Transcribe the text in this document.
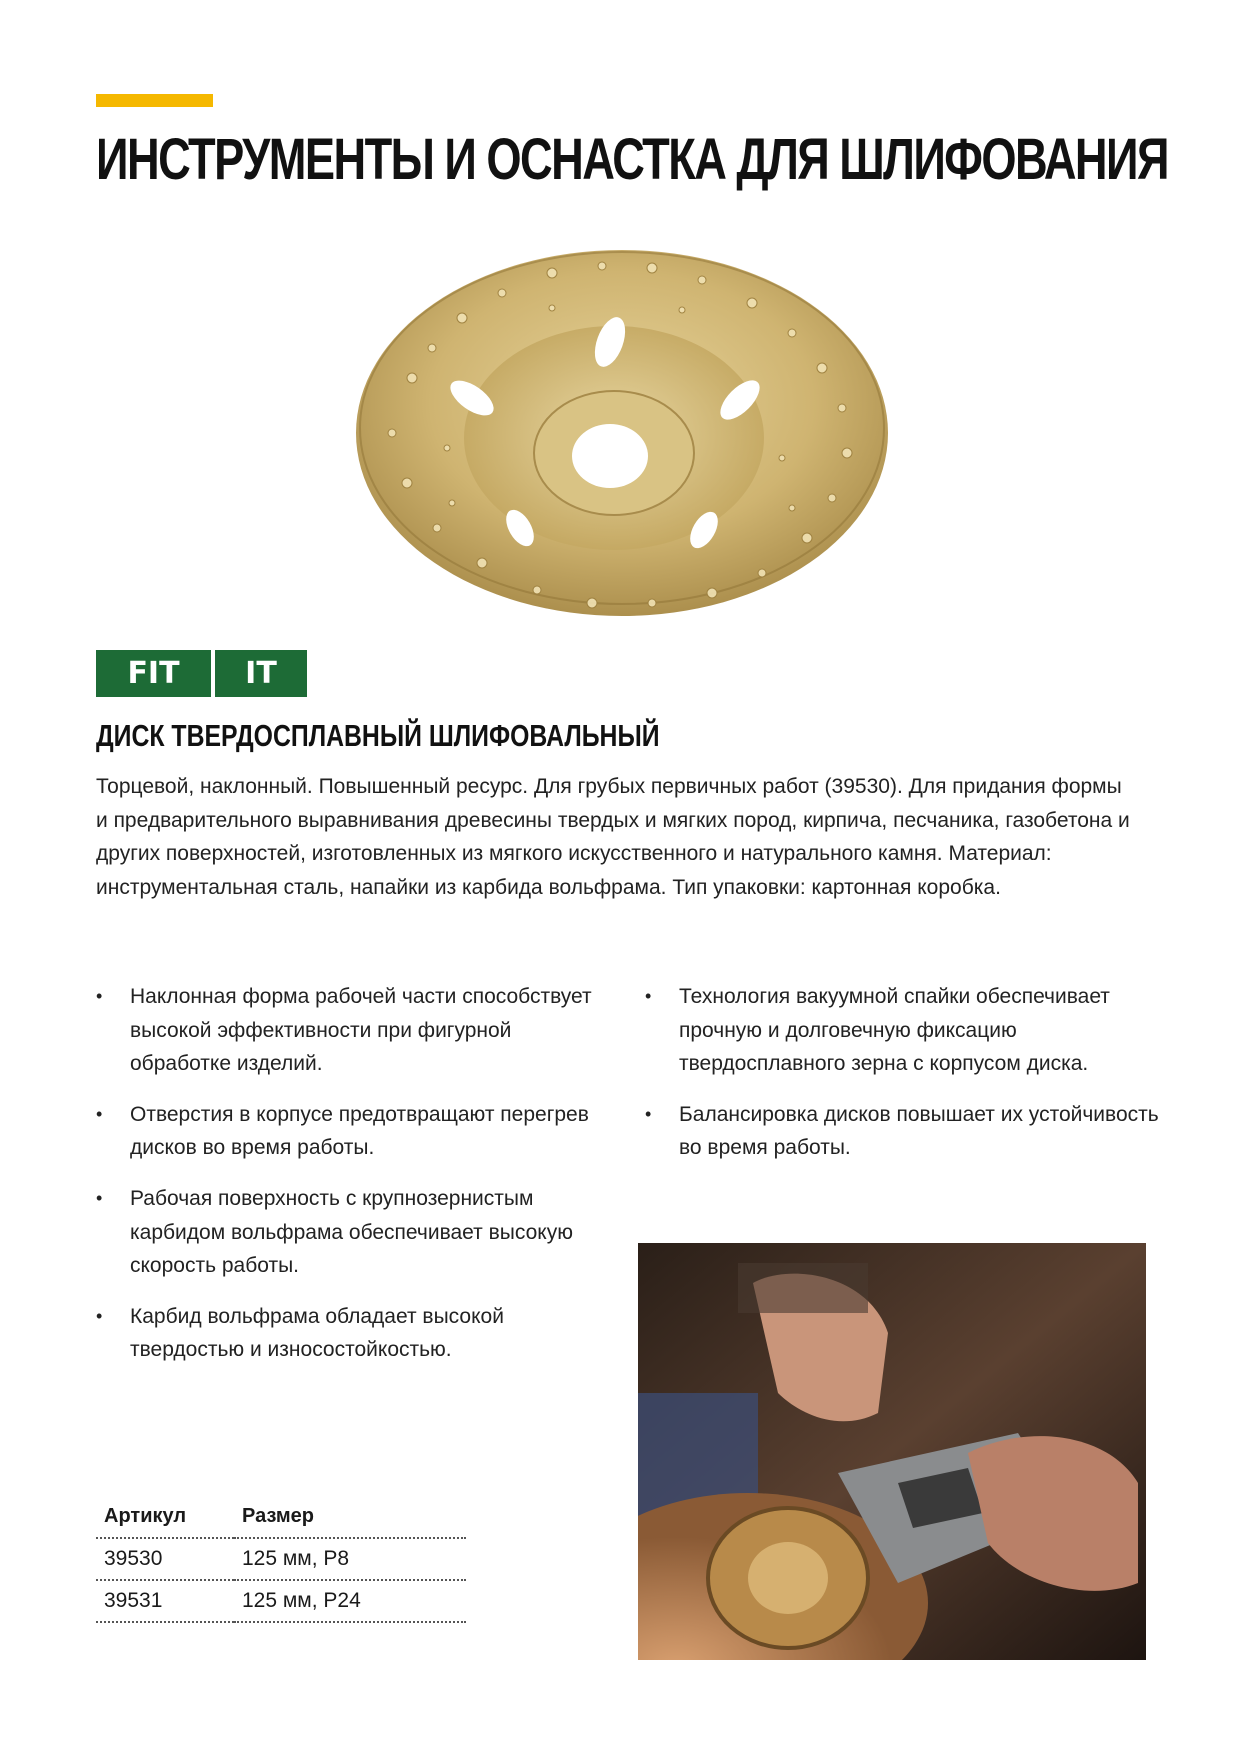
ИНСТРУМЕНТЫ И ОСНАСТКА ДЛЯ ШЛИФОВАНИЯ
FIT	IT
ДИСК ТВЕРДОСПЛАВНЫЙ ШЛИФОВАЛЬНЫЙ

Торцевой, наклонный. Повышенный ресурс. Для грубых первичных работ (39530). Для придания формы и предварительного выравнивания древесины твердых и мягких пород, кирпича, песчаника, газобетона и других поверхностей, изготовленных из мягкого искусственного и натурального камня. Материал: инструментальная сталь, напайки из карбида вольфрама. Тип упаковки: картонная коробка.

• Наклонная форма рабочей части способствует высокой эффективности при фигурной обработке изделий.
• Отверстия в корпусе предотвращают перегрев дисков во время работы.
• Рабочая поверхность с крупнозернистым карбидом вольфрама обеспечивает высокую скорость работы.
• Карбид вольфрама обладает высокой твердостью и износостойкостью.
• Технология вакуумной спайки обеспечивает прочную и долговечную фиксацию твердосплавного зерна с корпусом диска.
• Балансировка дисков повышает их устойчивость во время работы.
Артикул	Размер
39530	125 мм, P8
39531	125 мм, P24
